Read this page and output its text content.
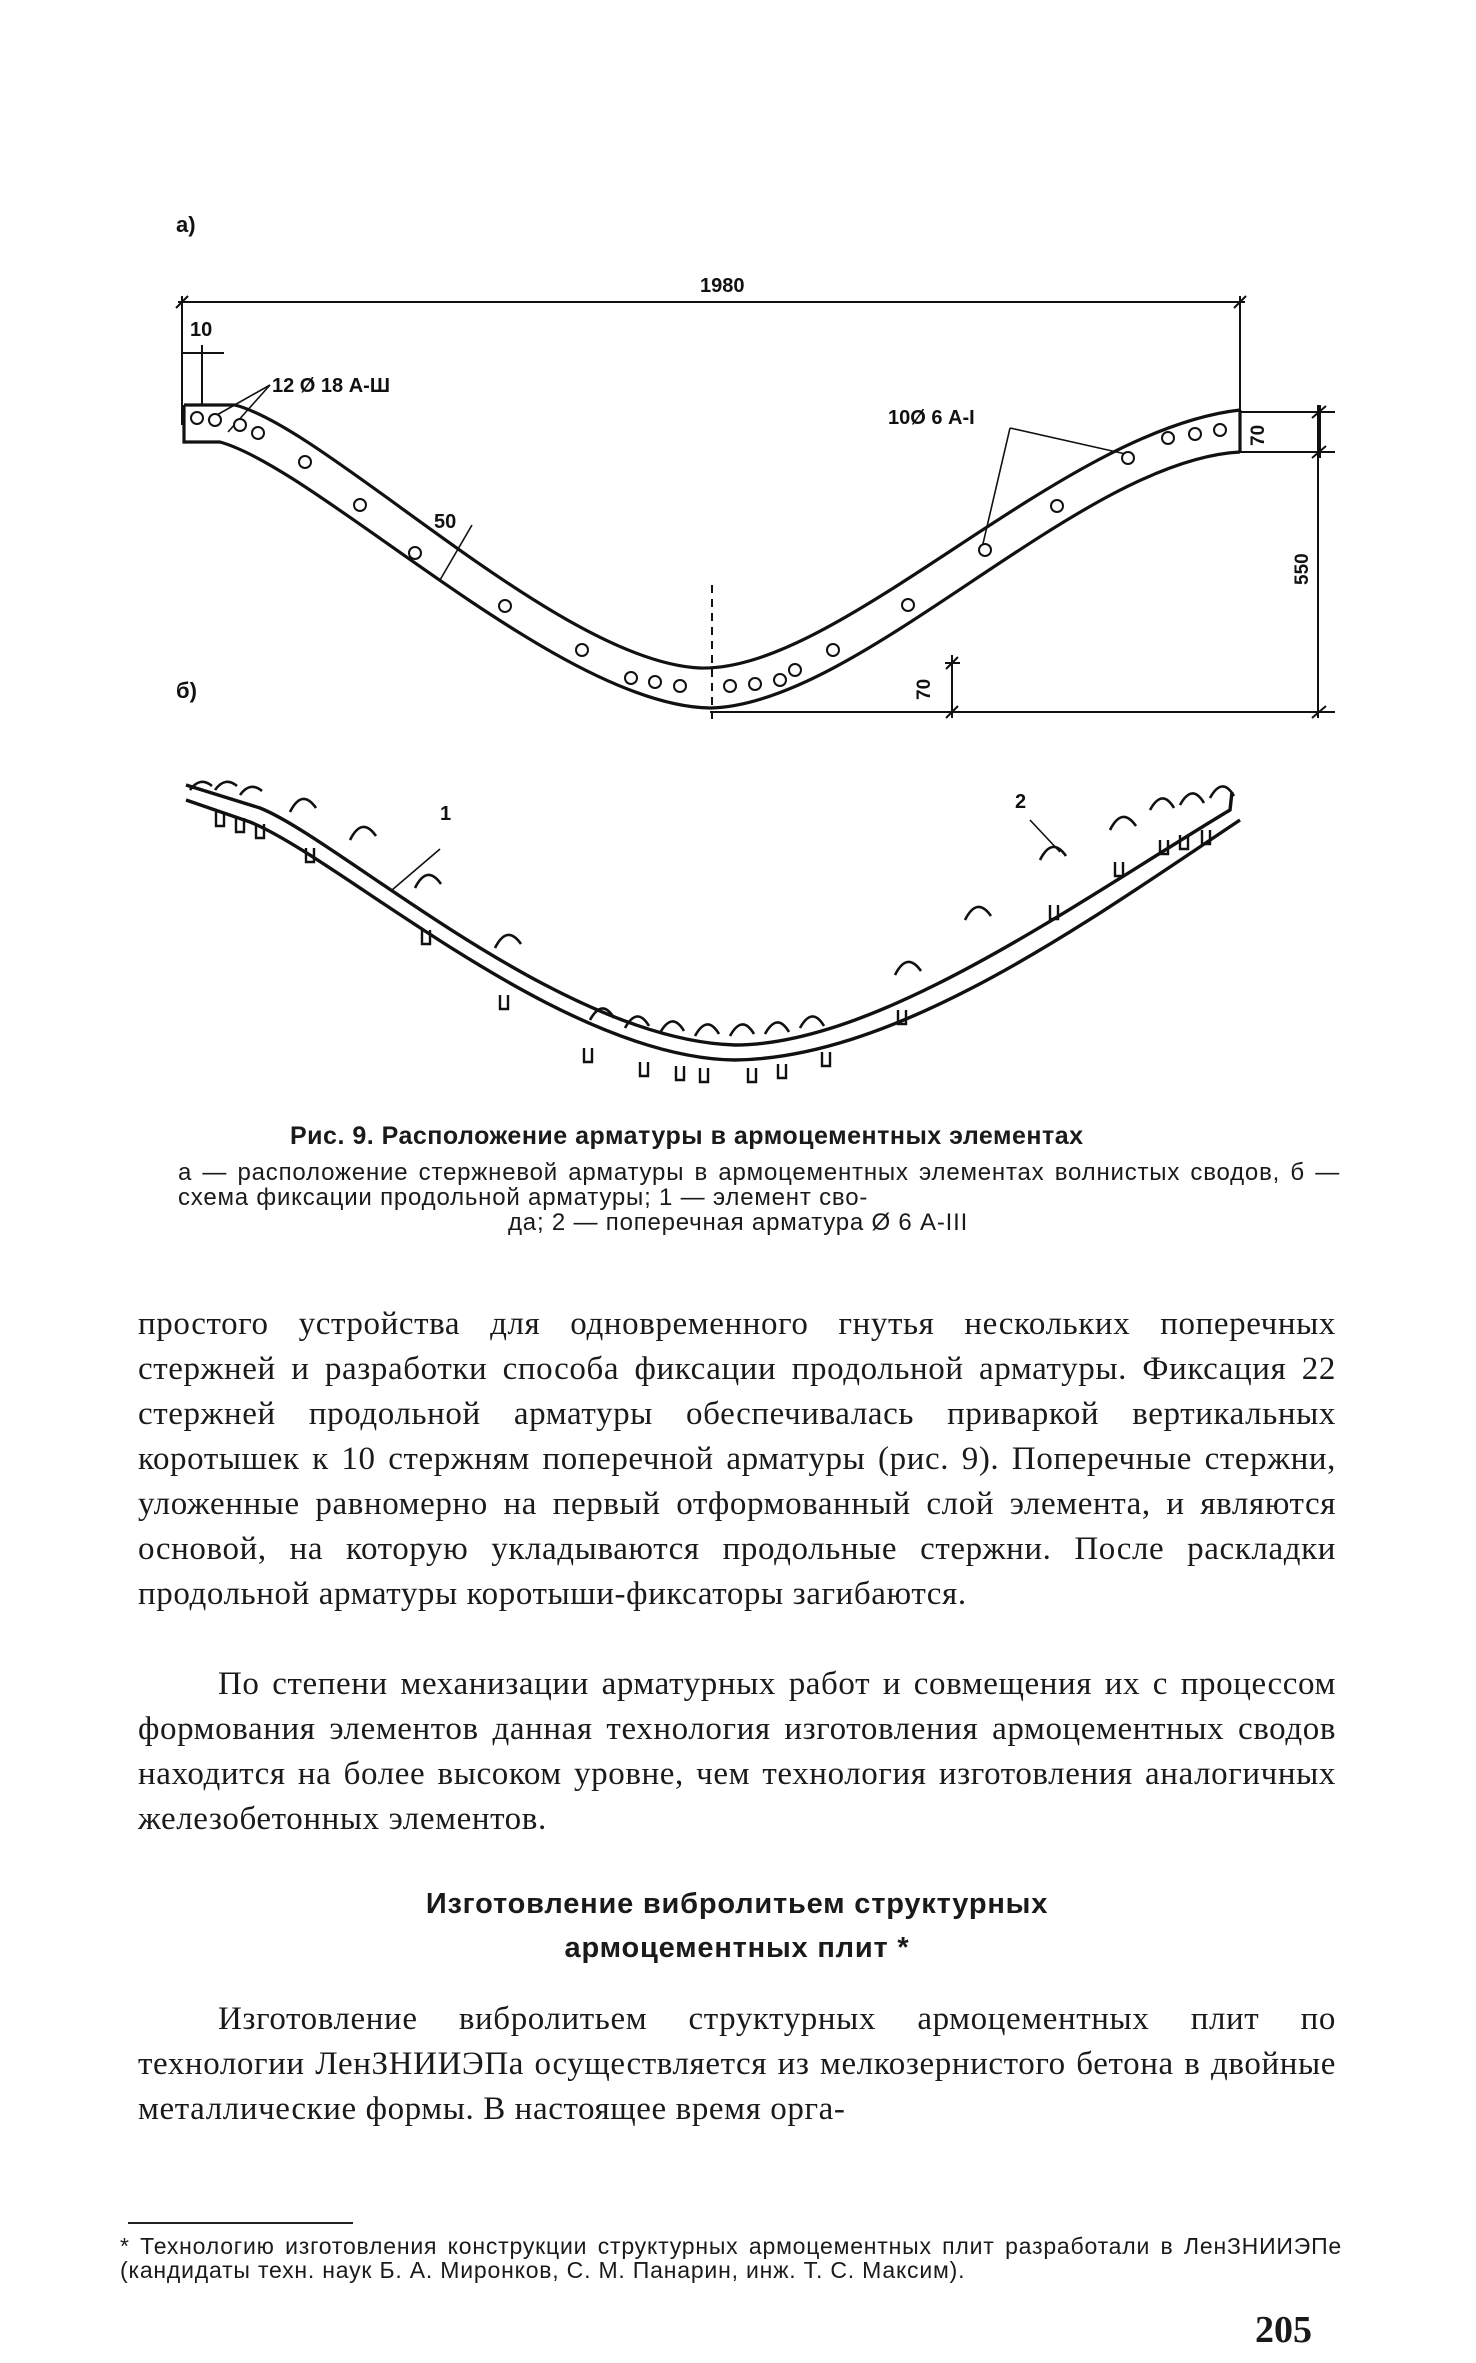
a)
б)
1980
10
50
70
70
550
12 Ø 18 А-Ш
10Ø 6 А-I
1
2
Рис. 9. Расположение арматуры в армоцементных элементах
а — расположение стержневой арматуры в армоцементных элементах волнистых сводов, б — схема фиксации продольной арматуры; 1 — элемент сво-
да; 2 — поперечная арматура Ø 6 А-III
простого устройства для одновременного гнутья нескольких поперечных стержней и разработки способа фиксации продольной арматуры. Фиксация 22 стержней продольной арматуры обеспечивалась приваркой вертикальных коротышек к 10 стержням поперечной арматуры (рис. 9). Поперечные стержни, уложенные равномерно на первый отформованный слой элемента, и являются основой, на которую укладываются продольные стержни. После раскладки продольной арматуры коротыши-фиксаторы загибаются.
По степени механизации арматурных работ и совмещения их с процессом формования элементов данная технология изготовления армоцементных сводов находится на более высоком уровне, чем технология изготовления аналогичных железобетонных элементов.
Изготовление вибролитьем структурных
армоцементных плит *
Изготовление вибролитьем структурных армоцементных плит по технологии ЛенЗНИИЭПа осуществляется из мелкозернистого бетона в двойные металлические формы. В настоящее время орга-
* Технологию изготовления конструкции структурных армоцементных плит разработали в ЛенЗНИИЭПе (кандидаты техн. наук Б. А. Миронков, С. М. Панарин, инж. Т. С. Максим).
205
